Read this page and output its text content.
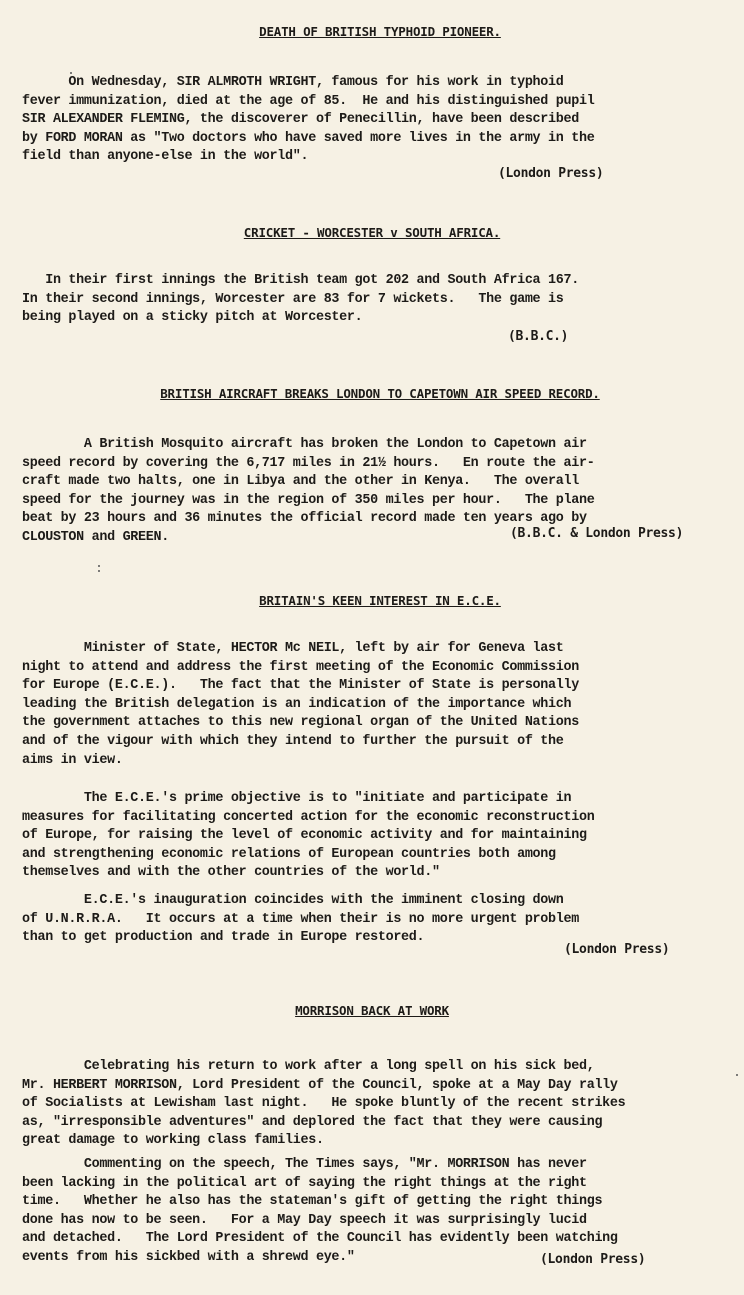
DEATH OF BRITISH TYPHOID PIONEER.
On Wednesday, SIR ALMROTH WRIGHT, famous for his work in typhoid
fever immunization, died at the age of 85.  He and his distinguished pupil
SIR ALEXANDER FLEMING, the discoverer of Penecillin, have been described
by FORD MORAN as "Two doctors who have saved more lives in the army in the
field than anyone-else in the world".
(London Press)
CRICKET - WORCESTER v SOUTH AFRICA.
In their first innings the British team got 202 and South Africa 167.
In their second innings, Worcester are 83 for 7 wickets.   The game is
being played on a sticky pitch at Worcester.
(B.B.C.)
BRITISH AIRCRAFT BREAKS LONDON TO CAPETOWN AIR SPEED RECORD.
A British Mosquito aircraft has broken the London to Capetown air
speed record by covering the 6,717 miles in 21½ hours.   En route the air-
craft made two halts, one in Libya and the other in Kenya.   The overall
speed for the journey was in the region of 350 miles per hour.   The plane
beat by 23 hours and 36 minutes the official record made ten years ago by
CLOUSTON and GREEN.	(B.B.C. & London Press)
BRITAIN'S KEEN INTEREST IN E.C.E.
Minister of State, HECTOR Mc NEIL, left by air for Geneva last
night to attend and address the first meeting of the Economic Commission
for Europe (E.C.E.).   The fact that the Minister of State is personally
leading the British delegation is an indication of the importance which
the government attaches to this new regional organ of the United Nations
and of the vigour with which they intend to further the pursuit of the
aims in view.
The E.C.E.'s prime objective is to "initiate and participate in
measures for facilitating concerted action for the economic reconstruction
of Europe, for raising the level of economic activity and for maintaining
and strengthening economic relations of European countries both among
themselves and with the other countries of the world."
E.C.E.'s inauguration coincides with the imminent closing down
of U.N.R.R.A.   It occurs at a time when their is no more urgent problem
than to get production and trade in Europe restored.
(London Press)
MORRISON BACK AT WORK
Celebrating his return to work after a long spell on his sick bed,
Mr. HERBERT MORRISON, Lord President of the Council, spoke at a May Day rally
of Socialists at Lewisham last night.   He spoke bluntly of the recent strikes
as, "irresponsible adventures" and deplored the fact that they were causing
great damage to working class families.
Commenting on the speech, The Times says, "Mr. MORRISON has never
been lacking in the political art of saying the right things at the right
time.   Whether he also has the stateman's gift of getting the right things
done has now to be seen.   For a May Day speech it was surprisingly lucid
and detached.   The Lord President of the Council has evidently been watching
events from his sickbed with a shrewd eye."	(London Press)
